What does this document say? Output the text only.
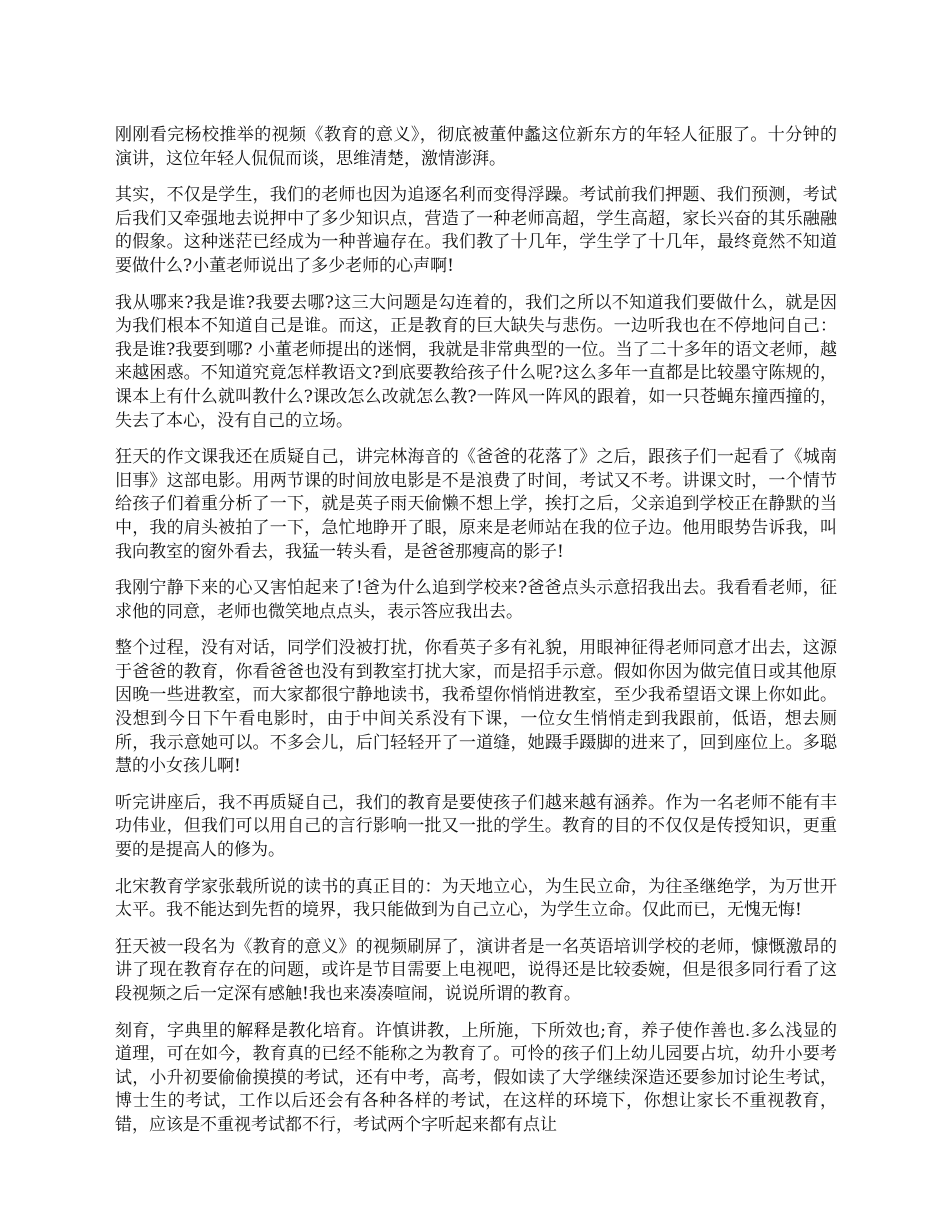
刚刚看完杨校推举的视频《教育的意义》，彻底被董仲蠡这位新东方的年轻人征服了。十分钟的演讲，这位年轻人侃侃而谈，思维清楚，激情澎湃。

其实，不仅是学生，我们的老师也因为追逐名利而变得浮躁。考试前我们押题、我们预测，考试后我们又牵强地去说押中了多少知识点，营造了一种老师高超，学生高超，家长兴奋的其乐融融的假象。这种迷茫已经成为一种普遍存在。我们教了十几年，学生学了十几年，最终竟然不知道要做什么?小董老师说出了多少老师的心声啊!

我从哪来?我是谁?我要去哪?这三大问题是勾连着的，我们之所以不知道我们要做什么，就是因为我们根本不知道自己是谁。而这，正是教育的巨大缺失与悲伤。一边听我也在不停地问自己：我是谁?我要到哪? 小董老师提出的迷惘，我就是非常典型的一位。当了二十多年的语文老师，越来越困惑。不知道究竟怎样教语文?到底要教给孩子什么呢?这么多年一直都是比较墨守陈规的，课本上有什么就叫教什么?课改怎么改就怎么教?一阵风一阵风的跟着，如一只苍蝇东撞西撞的，失去了本心，没有自己的立场。

狂天的作文课我还在质疑自己，讲完林海音的《爸爸的花落了》之后，跟孩子们一起看了《城南旧事》这部电影。用两节课的时间放电影是不是浪费了时间，考试又不考。讲课文时，一个情节给孩子们着重分析了一下，就是英子雨天偷懒不想上学，挨打之后，父亲追到学校正在静默的当中，我的肩头被拍了一下，急忙地睁开了眼，原来是老师站在我的位子边。他用眼势告诉我，叫我向教室的窗外看去，我猛一转头看，是爸爸那瘦高的影子!

我刚宁静下来的心又害怕起来了!爸为什么追到学校来?爸爸点头示意招我出去。我看看老师，征求他的同意，老师也微笑地点点头，表示答应我出去。

整个过程，没有对话，同学们没被打扰，你看英子多有礼貌，用眼神征得老师同意才出去，这源于爸爸的教育，你看爸爸也没有到教室打扰大家，而是招手示意。假如你因为做完值日或其他原因晚一些进教室，而大家都很宁静地读书，我希望你悄悄进教室，至少我希望语文课上你如此。没想到今日下午看电影时，由于中间关系没有下课，一位女生悄悄走到我跟前，低语，想去厕所，我示意她可以。不多会儿，后门轻轻开了一道缝，她蹑手蹑脚的进来了，回到座位上。多聪慧的小女孩儿啊!

听完讲座后，我不再质疑自己，我们的教育是要使孩子们越来越有涵养。作为一名老师不能有丰功伟业，但我们可以用自己的言行影响一批又一批的学生。教育的目的不仅仅是传授知识，更重要的是提高人的修为。

北宋教育学家张载所说的读书的真正目的：为天地立心，为生民立命，为往圣继绝学，为万世开太平。我不能达到先哲的境界，我只能做到为自己立心，为学生立命。仅此而已，无愧无悔!

狂天被一段名为《教育的意义》的视频刷屏了，演讲者是一名英语培训学校的老师，慷慨激昂的讲了现在教育存在的问题，或许是节目需要上电视吧，说得还是比较委婉，但是很多同行看了这段视频之后一定深有感触!我也来凑凑喧闹，说说所谓的教育。

刻育，字典里的解释是教化培育。许慎讲教，上所施，下所效也;育，养子使作善也.多么浅显的道理，可在如今，教育真的已经不能称之为教育了。可怜的孩子们上幼儿园要占坑，幼升小要考试，小升初要偷偷摸摸的考试，还有中考，高考，假如读了大学继续深造还要参加讨论生考试，博士生的考试，工作以后还会有各种各样的考试，在这样的环境下，你想让家长不重视教育，错，应该是不重视考试都不行，考试两个字听起来都有点让
